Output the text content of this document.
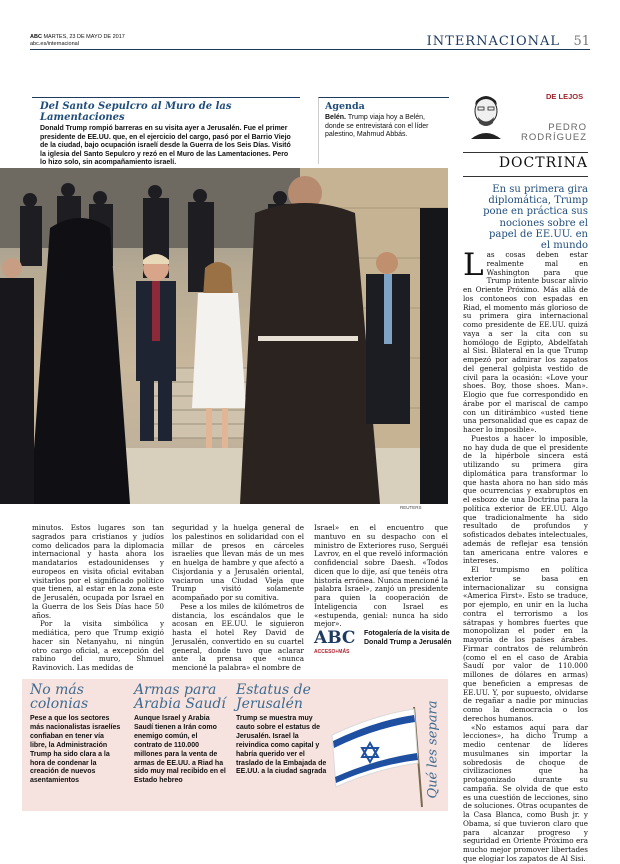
ABC MARTES, 23 DE MAYO DE 2017
abc.es/internacional	INTERNACIONAL 51
Del Santo Sepulcro al Muro de las Lamentaciones
Donald Trump rompió barreras en su visita ayer a Jerusalén. Fue el primer presidente de EE.UU. que, en el ejercicio del cargo, pasó por el Barrio Viejo de la ciudad, bajo ocupación israelí desde la Guerra de los Seis Días. Visitó la iglesia del Santo Sepulcro y rezó en el Muro de las Lamentaciones. Pero lo hizo solo, sin acompañamiento israelí.
Agenda
Belén. Trump viaja hoy a Belén, donde se entrevistará con el líder palestino, Mahmud Abbás.
REUTERS

minutos. Estos lugares son tan sagrados para cristianos y judíos como delicados para la diplomacia internacional y hasta ahora los mandatarios estadounidenses y europeos en visita oficial evitaban visitarlos por el significado político que tienen, al estar en la zona este de Jerusalén, ocupada por Israel en la Guerra de los Seis Días hace 50 años.

Por la visita simbólica y mediática, pero que Trump exigió hacer sin Netanyahu, ni ningún otro cargo oficial, a excepción del rabino del muro, Shmuel Ravinovich. Las medidas de

seguridad y la huelga general de los palestinos en solidaridad con el millar de presos en cárceles israelíes que llevan más de un mes en huelga de hambre y que afectó a Cisjordania y a Jerusalén oriental, vaciaron una Ciudad Vieja que Trump visitó solamente acompañado por su comitiva.

Pese a los miles de kilómetros de distancia, los escándalos que le acosan en EE.UU. le siguieron hasta el hotel Rey David de Jerusalén, convertido en su cuartel general, donde tuvo que aclarar ante la prensa que «nunca mencioné la palabra» el nombre de

Israel» en el encuentro que mantuvo en su despacho con el ministro de Exteriores ruso, Serguéi Lavrov, en el que reveló información confidencial sobre Daesh. «Todos dicen que lo dije, así que tenéis otra historia errónea. Nunca mencioné la palabra Israel», zanjó un presidente para quien la cooperación de Inteligencia con Israel es «estupenda, genial: nunca ha sido mejor».

ABC
ACCESO+MÁS
Fotogalería de la visita de Donald Trump a Jerusalén
No más colonias
Pese a que los sectores más nacionalistas israelíes confiaban en tener vía libre, la Administración Trump ha sido clara a la hora de condenar la creación de nuevos asentamientos
Armas para Arabia Saudí
Aunque Israel y Arabia Saudí tienen a Irán como enemigo común, el contrato de 110.000 millones para la venta de armas de EE.UU. a Riad ha sido muy mal recibido en el Estado hebreo
Estatus de Jerusalén
Trump se muestra muy cauto sobre el estatus de Jerusalén. Israel la reivindica como capital y habría querido ver el traslado de la Embajada de EE.UU. a la ciudad sagrada	Qué les separa
DE LEJOS
PEDRO
RODRÍGUEZ
DOCTRINA
En su primera gira diplomática, Trump pone en práctica sus nociones sobre el papel de EE.UU. en el mundo

Las cosas deben estar realmente mal en Washington para que Trump intente buscar alivio en Oriente Próximo. Más allá de los contoneos con espadas en Riad, el momento más glorioso de su primera gira internacional como presidente de EE.UU. quizá vaya a ser la cita con su homólogo de Egipto, Abdelfatah al Sisi. Bilateral en la que Trump empezó por admirar los zapatos del general golpista vestido de civil para la ocasión: «Love your shoes. Boy, those shoes. Man». Elogio que fue correspondido en árabe por el mariscal de campo con un ditirámbico «usted tiene una personalidad que es capaz de hacer lo imposible».

Puestos a hacer lo imposible, no hay duda de que el presidente de la hipérbole sincera está utilizando su primera gira diplomática para transformar lo que hasta ahora no han sido más que ocurrencias y exabruptos en el esbozo de una Doctrina para la política exterior de EE.UU. Algo que tradicionalmente ha sido resultado de profundos y sofisticados debates intelectuales, además de reflejar esa tensión tan americana entre valores e intereses.

El trumpismo en política exterior se basa en internacionalizar su consigna «America First». Esto se traduce, por ejemplo, en unir en la lucha contra el terrorismo a los sátrapas y hombres fuertes que monopolizan el poder en la mayoría de los países árabes. Firmar contratos de relumbrón (como el en el caso de Arabia Saudí por valor de 110.000 millones de dólares en armas) que beneficien a empresas de EE.UU. Y, por supuesto, olvidarse de regañar a nadie por minucias como la democracia o los derechos humanos.

«No estamos aquí para dar lecciones», ha dicho Trump a medio centenar de líderes musulmanes sin importar la sobredosis de choque de civilizaciones que ha protagonizado durante su campaña. Se olvida de que esto es una cuestión de lecciones, sino de soluciones. Otras ocupantes de la Casa Blanca, como Bush jr. y Obama, sí que tuvieron claro que para alcanzar progreso y seguridad en Oriente Próximo era mucho mejor promover libertades que elogiar los zapatos de Al Sisi.
